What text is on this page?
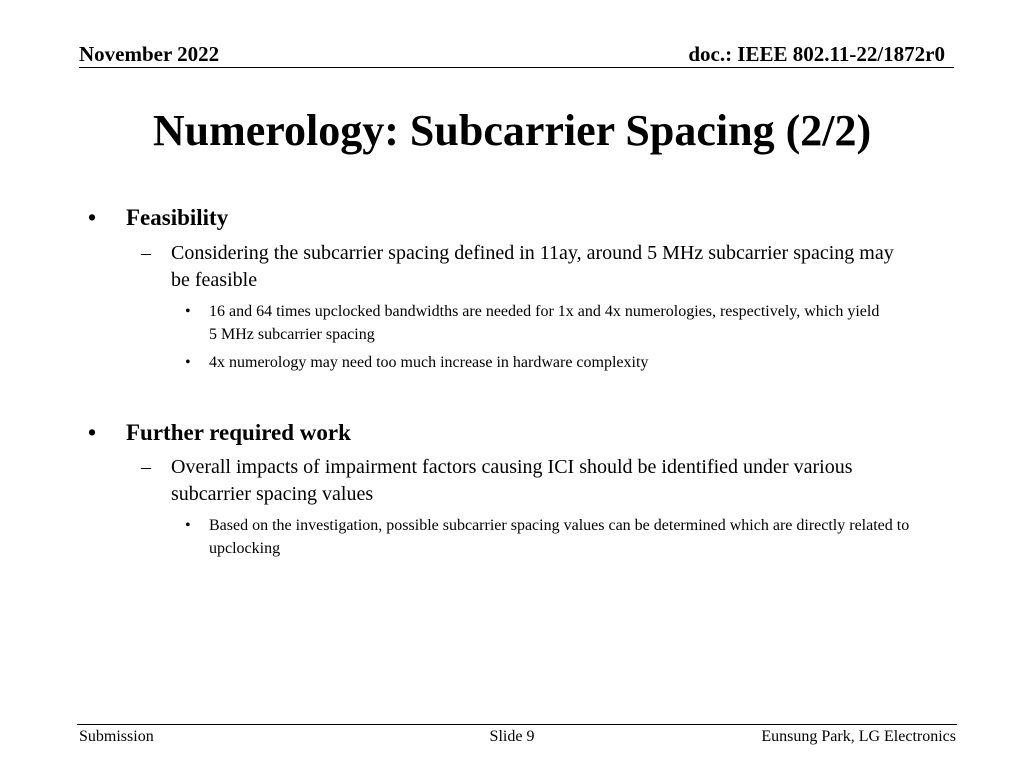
November 2022	doc.: IEEE 802.11-22/1872r0
Numerology: Subcarrier Spacing (2/2)
• Feasibility
– Considering the subcarrier spacing defined in 11ay, around 5 MHz subcarrier spacing may be feasible
• 16 and 64 times upclocked bandwidths are needed for 1x and 4x numerologies, respectively, which yield 5 MHz subcarrier spacing
• 4x numerology may need too much increase in hardware complexity
• Further required work
– Overall impacts of impairment factors causing ICI should be identified under various subcarrier spacing values
• Based on the investigation, possible subcarrier spacing values can be determined which are directly related to upclocking
Submission	Slide 9	Eunsung Park, LG Electronics
